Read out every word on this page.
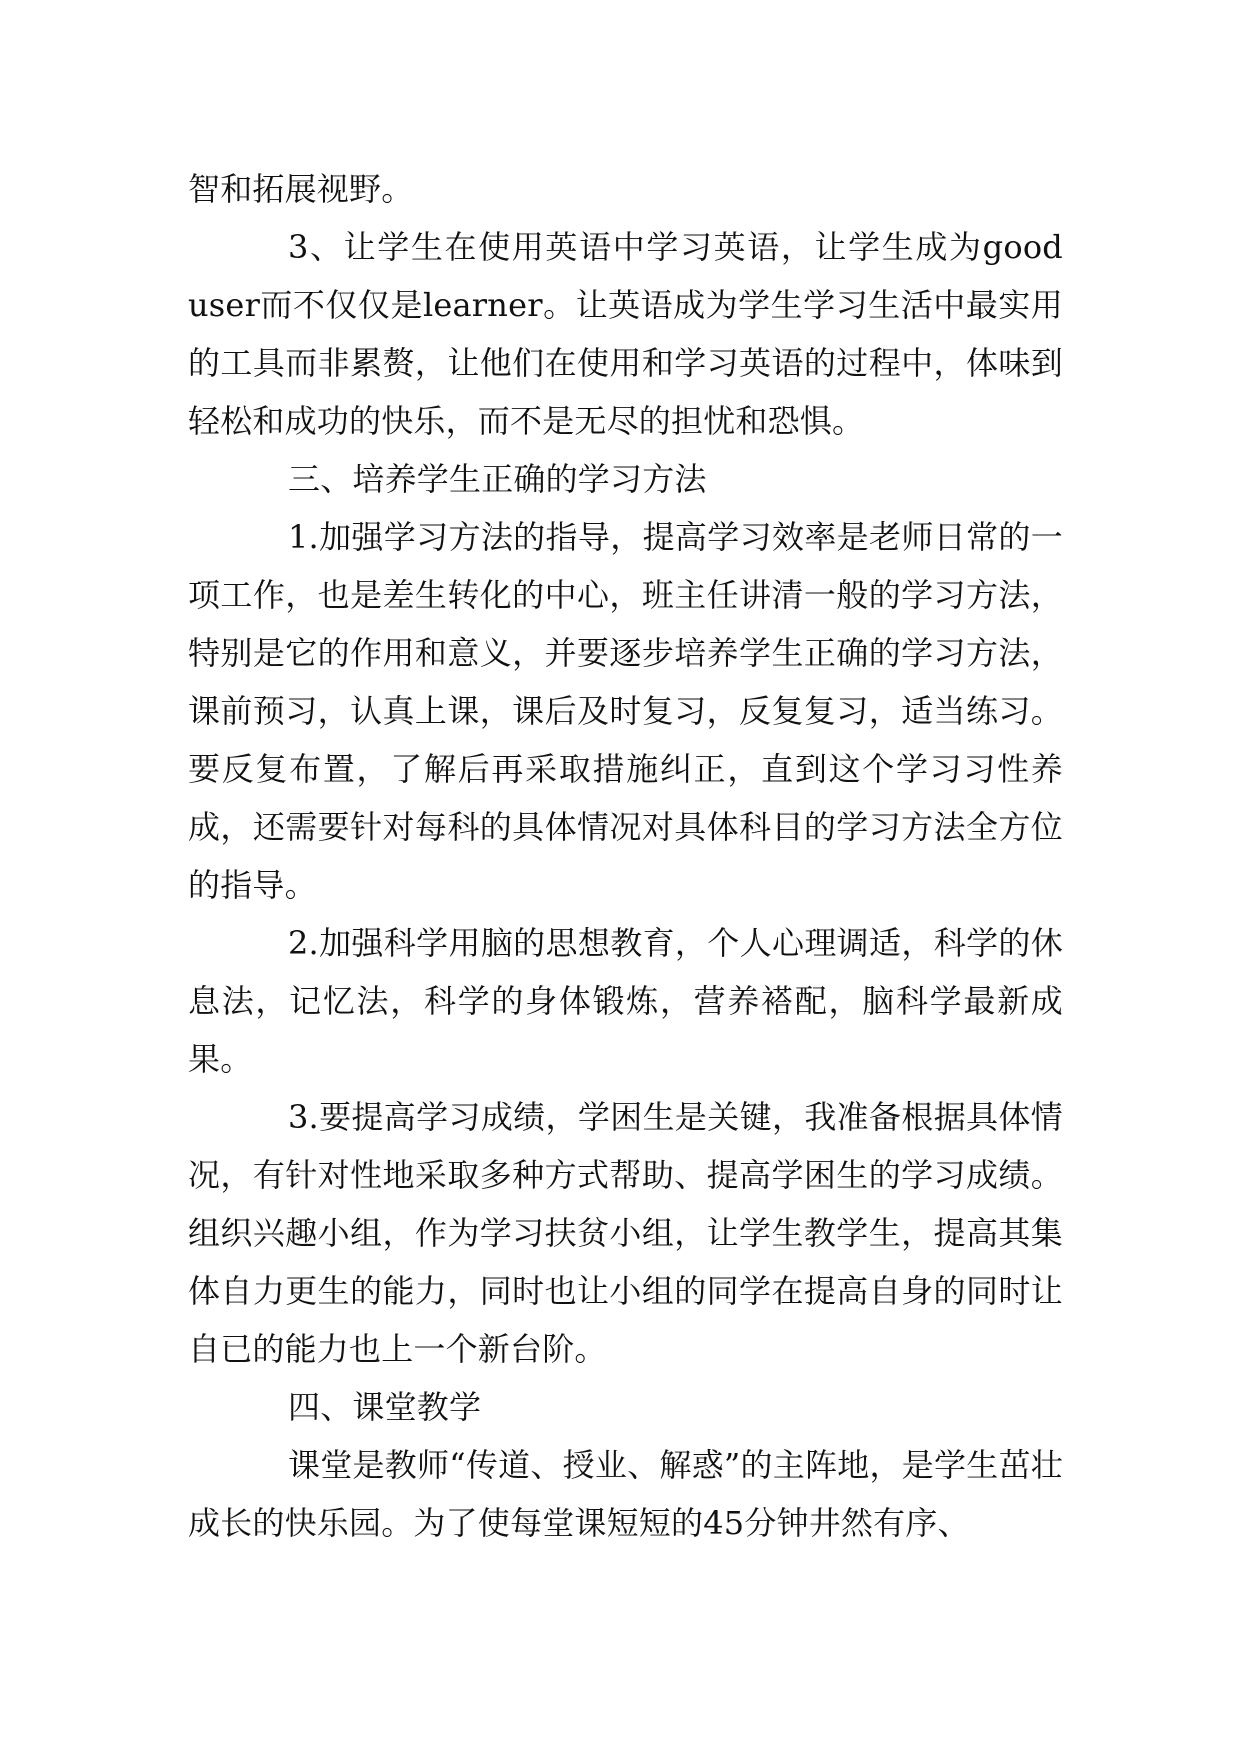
智和拓展视野。

3、让学生在使用英语中学习英语，让学生成为good user而不仅仅是learner。让英语成为学生学习生活中最实用的工具而非累赘，让他们在使用和学习英语的过程中，体味到轻松和成功的快乐，而不是无尽的担忧和恐惧。

三、培养学生正确的学习方法

1.加强学习方法的指导，提高学习效率是老师日常的一项工作，也是差生转化的中心，班主任讲清一般的学习方法，特别是它的作用和意义，并要逐步培养学生正确的学习方法，课前预习，认真上课，课后及时复习，反复复习，适当练习。要反复布置，了解后再采取措施纠正，直到这个学习习性养成，还需要针对每科的具体情况对具体科目的学习方法全方位的指导。

2.加强科学用脑的思想教育，个人心理调适，科学的休息法，记忆法，科学的身体锻炼，营养褡配，脑科学最新成果。

3.要提高学习成绩，学困生是关键，我准备根据具体情况，有针对性地采取多种方式帮助、提高学困生的学习成绩。组织兴趣小组，作为学习扶贫小组，让学生教学生，提高其集体自力更生的能力，同时也让小组的同学在提高自身的同时让自已的能力也上一个新台阶。

四、课堂教学

课堂是教师“传道、授业、解惑”的主阵地，是学生茁壮成长的快乐园。为了使每堂课短短的45分钟井然有序、
